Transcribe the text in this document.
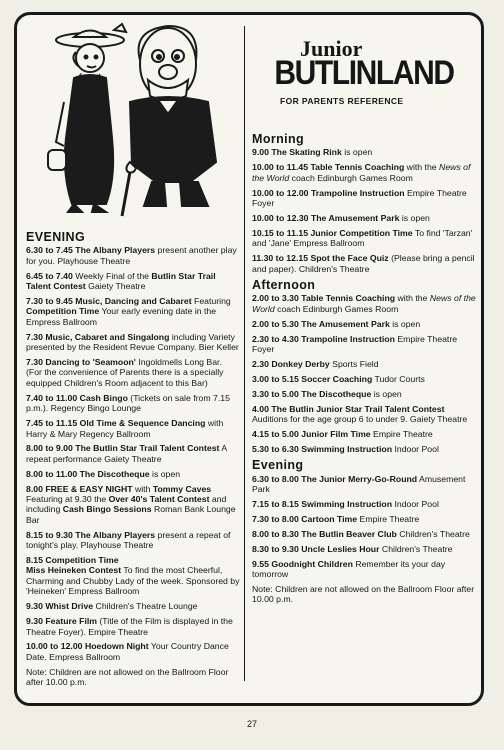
Junior
BUTLINLAND
FOR PARENTS REFERENCE
EVENING
6.30 to 7.45 The Albany Players present another play for you. Playhouse Theatre
6.45 to 7.40 Weekly Final of the Butlin Star Trail Talent Contest Gaiety Theatre
7.30 to 9.45 Music, Dancing and Cabaret Featuring Competition Time Your early evening date in the Empress Ballroom
7.30 Music, Cabaret and Singalong including Variety presented by the Resident Revue Company. Bier Keller
7.30 Dancing to 'Seamoon' Ingoldmells Long Bar. (For the convenience of Parents there is a specially equipped Children's Room adjacent to this Bar)
7.40 to 11.00 Cash Bingo (Tickets on sale from 7.15 p.m.). Regency Bingo Lounge
7.45 to 11.15 Old Time & Sequence Dancing with Harry & Mary Regency Ballroom
8.00 to 9.00 The Butlin Star Trail Talent Contest A repeat performance Gaiety Theatre
8.00 to 11.00 The Discotheque is open
8.00 FREE & EASY NIGHT with Tommy Caves Featuring at 9.30 the Over 40's Talent Contest and including Cash Bingo Sessions Roman Bank Lounge Bar
8.15 to 9.30 The Albany Players present a repeat of tonight's play. Playhouse Theatre
8.15 Competition Time
Miss Heineken Contest To find the most Cheerful, Charming and Chubby Lady of the week. Sponsored by 'Heineken' Empress Ballroom
9.30 Whist Drive Children's Theatre Lounge
9.30 Feature Film (Title of the Film is displayed in the Theatre Foyer). Empire Theatre
10.00 to 12.00 Hoedown Night Your Country Dance Date. Empress Ballroom
Note: Children are not allowed on the Ballroom Floor after 10.00 p.m.
Morning
9.00 The Skating Rink is open
10.00 to 11.45 Table Tennis Coaching with the News of the World coach Edinburgh Games Room
10.00 to 12.00 Trampoline Instruction Empire Theatre Foyer
10.00 to 12.30 The Amusement Park is open
10.15 to 11.15 Junior Competition Time To find 'Tarzan' and 'Jane' Empress Ballroom
11.30 to 12.15 Spot the Face Quiz (Please bring a pencil and paper). Children's Theatre
Afternoon
2.00 to 3.30 Table Tennis Coaching with the News of the World coach Edinburgh Games Room
2.00 to 5.30 The Amusement Park is open
2.30 to 4.30 Trampoline Instruction Empire Theatre Foyer
2.30 Donkey Derby Sports Field
3.00 to 5.15 Soccer Coaching Tudor Courts
3.30 to 5.00 The Discotheque is open
4.00 The Butlin Junior Star Trail Talent Contest Auditions for the age group 6 to under 9. Gaiety Theatre
4.15 to 5.00 Junior Film Time Empire Theatre
5.30 to 6.30 Swimming Instruction Indoor Pool
Evening
6.30 to 8.00 The Junior Merry-Go-Round Amusement Park
7.15 to 8.15 Swimming Instruction Indoor Pool
7.30 to 8.00 Cartoon Time Empire Theatre
8.00 to 8.30 The Butlin Beaver Club Children's Theatre
8.30 to 9.30 Uncle Leslies Hour Children's Theatre
9.55 Goodnight Children Remember its your day tomorrow
Note: Children are not allowed on the Ballroom Floor after 10.00 p.m.
27
